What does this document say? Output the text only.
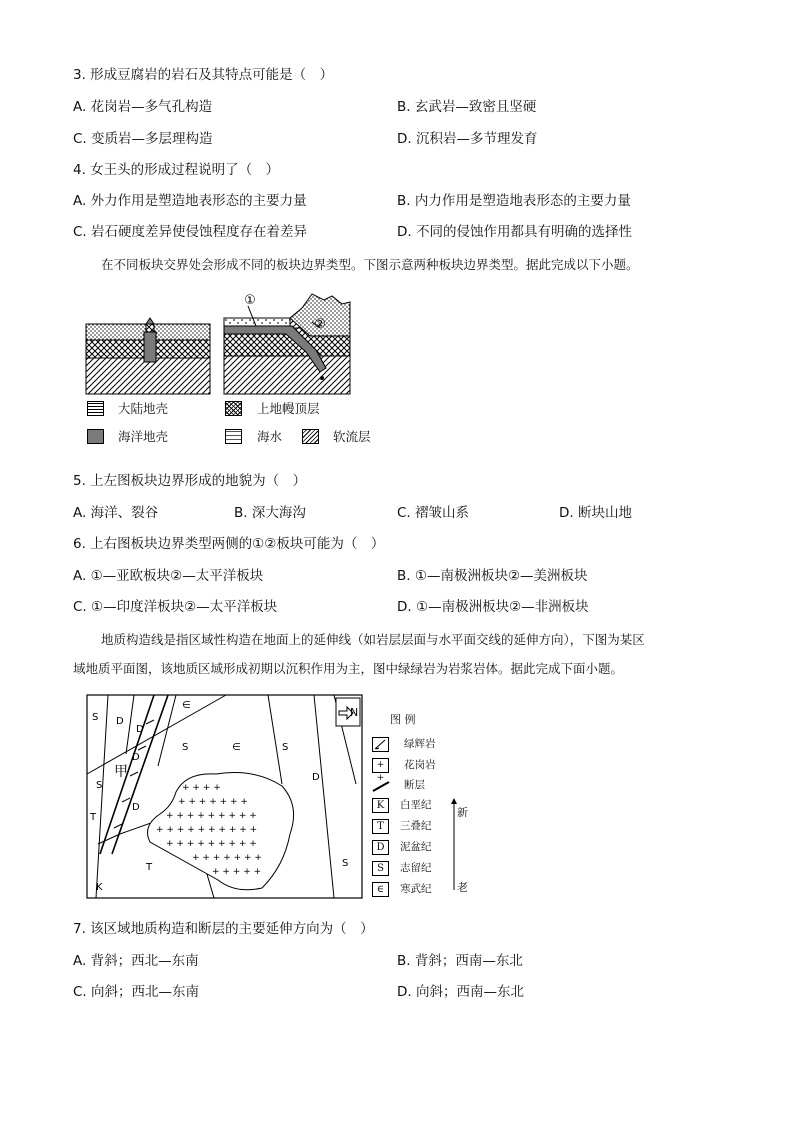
3. 形成豆腐岩的岩石及其特点可能是（　）
A. 花岗岩—多气孔构造	B. 玄武岩—致密且坚硬
C. 变质岩—多层理构造	D. 沉积岩—多节理发育
4. 女王头的形成过程说明了（　）
A. 外力作用是塑造地表形态的主要力量	B. 内力作用是塑造地表形态的主要力量
C. 岩石硬度差异使侵蚀程度存在着差异	D. 不同的侵蚀作用都具有明确的选择性
在不同板块交界处会形成不同的板块边界类型。下图示意两种板块边界类型。据此完成以下小题。
①
②
大陆地壳	上地幔顶层
海洋地壳	海水	软流层
5. 上左图板块边界形成的地貌为（　）
A. 海洋、裂谷	B. 深大海沟	C. 褶皱山系	D. 断块山地
6. 上右图板块边界类型两侧的①②板块可能为（　）
A. ①—亚欧板块②—太平洋板块	B. ①—南极洲板块②—美洲板块
C. ①—印度洋板块②—太平洋板块	D. ①—南极洲板块②—非洲板块
地质构造线是指区域性构造在地面上的延伸线（如岩层层面与水平面交线的延伸方向），下图为某区
域地质平面图，该地质区域形成初期以沉积作用为主，图中绿绿岩为岩浆岩体。据此完成下面小题。
+ + + +
+ + + + + + +
+ + + + + + + + +
+ + + + + + + + + +
+ + + + + + + + +
+ + + + + + +
+ + + + +
N
S D
∈
D
S	∈	S
D
S
D
D
T
T
K
S
甲
图 例
绿辉岩
+ +
花岗岩
断层
K	白垩纪
T	三叠纪
D	泥盆纪
S	志留纪
∈	寒武纪
新
老
7. 该区域地质构造和断层的主要延伸方向为（　）
A. 背斜；西北—东南	B. 背斜；西南—东北
C. 向斜；西北—东南	D. 向斜；西南—东北
